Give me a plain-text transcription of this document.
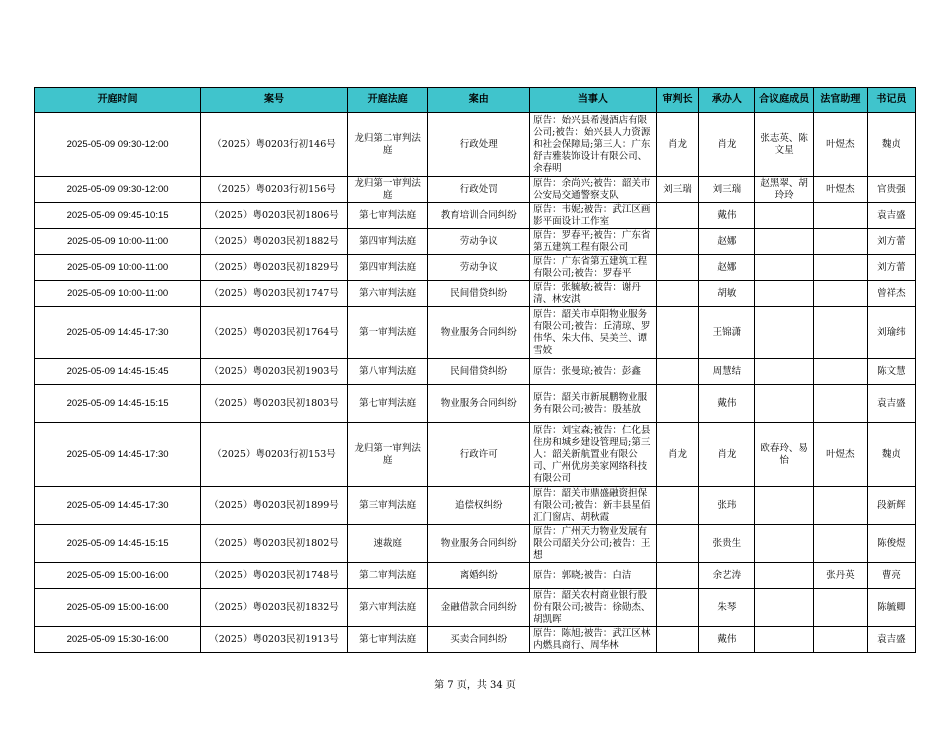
开庭时间	案号	开庭法庭	案由	当事人	审判长	承办人	合议庭成员	法官助理	书记员
2025-05-09 09:30-12:00	（2025）粤0203行初146号	龙归第二审判法庭	行政处理	原告：始兴县希漫酒店有限公司;被告：始兴县人力资源和社会保障局;第三人：广东舒吉雅装饰设计有限公司、余春明	肖龙	肖龙	张志英、陈文星	叶煜杰	魏贞
2025-05-09 09:30-12:00	（2025）粤0203行初156号	龙归第一审判法庭	行政处罚	原告：余尚兴;被告：韶关市公安局交通警察支队	刘三瑞	刘三瑞	赵黑翠、胡玲玲	叶煜杰	官贵强
2025-05-09 09:45-10:15	（2025）粤0203民初1806号	第七审判法庭	教育培训合同纠纷	原告：韦妮;被告：武江区画影平面设计工作室		戴伟			袁吉盛
2025-05-09 10:00-11:00	（2025）粤0203民初1882号	第四审判法庭	劳动争议	原告：罗春平;被告：广东省第五建筑工程有限公司		赵娜			刘方蕾
2025-05-09 10:00-11:00	（2025）粤0203民初1829号	第四审判法庭	劳动争议	原告：广东省第五建筑工程有限公司;被告：罗春平		赵娜			刘方蕾
2025-05-09 10:00-11:00	（2025）粤0203民初1747号	第六审判法庭	民间借贷纠纷	原告：张毓敏;被告：谢丹清、林安淇		胡敏			曾祥杰
2025-05-09 14:45-17:30	（2025）粤0203民初1764号	第一审判法庭	物业服务合同纠纷	原告：韶关市卓阳物业服务有限公司;被告：丘清琼、罗伟华、朱大伟、吴美兰、谭雪姣		王锦潇			刘瑜纬
2025-05-09 14:45-15:45	（2025）粤0203民初1903号	第八审判法庭	民间借贷纠纷	原告：张曼琼;被告：彭鑫		周慧结			陈文慧
2025-05-09 14:45-15:15	（2025）粤0203民初1803号	第七审判法庭	物业服务合同纠纷	原告：韶关市新展鹏物业服务有限公司;被告：殷基放		戴伟			袁吉盛
2025-05-09 14:45-17:30	（2025）粤0203行初153号	龙归第一审判法庭	行政许可	原告：刘宝森;被告：仁化县住房和城乡建设管理局;第三人：韶关新航置业有限公司、广州优房美家网络科技有限公司	肖龙	肖龙	欧春玲、易怡	叶煜杰	魏贞
2025-05-09 14:45-17:30	（2025）粤0203民初1899号	第三审判法庭	追偿权纠纷	原告：韶关市鼎盛融资担保有限公司;被告：新丰县星佰汇门窗店、胡秋霞		张玮			段新辉
2025-05-09 14:45-15:15	（2025）粤0203民初1802号	速裁庭	物业服务合同纠纷	原告：广州天力物业发展有限公司韶关分公司;被告：王想		张贵生			陈俊煜
2025-05-09 15:00-16:00	（2025）粤0203民初1748号	第二审判法庭	离婚纠纷	原告：郭晓;被告：白洁		余艺涛		张丹英	曹亮
2025-05-09 15:00-16:00	（2025）粤0203民初1832号	第六审判法庭	金融借款合同纠纷	原告：韶关农村商业银行股份有限公司;被告：徐勋杰、胡凯晖		朱琴			陈毓卿
2025-05-09 15:30-16:00	（2025）粤0203民初1913号	第七审判法庭	买卖合同纠纷	原告：陈旭;被告：武江区林内燃具商行、周华林		戴伟			袁吉盛
第 7 页，共 34 页
